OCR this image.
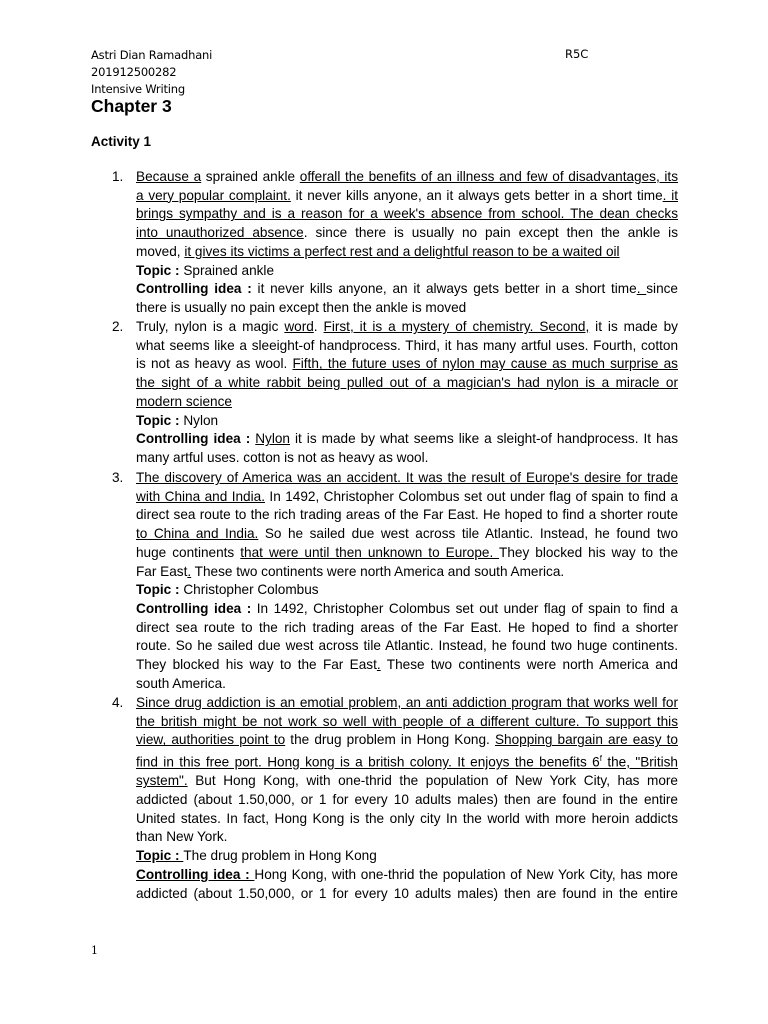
Astri Dian Ramadhani
201912500282
Intensive Writing
R5C
Chapter 3
Activity 1
1. Because a sprained ankle offerall the benefits of an illness and few of disadvantages, its
a very popular complaint. it never kills anyone, an it always gets better in a short time. it
brings sympathy and is a reason for a week's absence from school. The dean checks
into unauthorized absence. since there is usually no pain except then the ankle is
moved, it gives its victims a perfect rest and a delightful reason to be a waited oil
Topic : Sprained ankle
Controlling idea : it never kills anyone, an it always gets better in a short time. since
there is usually no pain except then the ankle is moved
2. Truly, nylon is a magic word. First, it is a mystery of chemistry. Second, it is made by
what seems like a sleeight-of handprocess. Third, it has many artful uses. Fourth, cotton
is not as heavy as wool. Fifth, the future uses of nylon may cause as much surprise as
the sight of a white rabbit being pulled out of a magician's had nylon is a miracle or
modern science
Topic : Nylon
Controlling idea : Nylon it is made by what seems like a sleight-of handprocess. It has
many artful uses. cotton is not as heavy as wool.
3. The discovery of America was an accident. It was the result of Europe's desire for trade
with China and India. In 1492, Christopher Colombus set out under flag of spain to find a
direct sea route to the rich trading areas of the Far East. He hoped to find a shorter route
to China and India. So he sailed due west across tile Atlantic. Instead, he found two
huge continents that were until then unknown to Europe. They blocked his way to the
Far East. These two continents were north America and south America.
Topic : Christopher Colombus
Controlling idea : In 1492, Christopher Colombus set out under flag of spain to find a
direct sea route to the rich trading areas of the Far East. He hoped to find a shorter
route. So he sailed due west across tile Atlantic. Instead, he found two huge continents.
They blocked his way to the Far East. These two continents were north America and
south America.
4. Since drug addiction is an emotial problem, an anti addiction program that works well for
the british might be not work so well with people of a different culture. To support this
view, authorities point to the drug problem in Hong Kong. Shopping bargain are easy to
find in this free port. Hong kong is a british colony. It enjoys the benefits 6$^f$ the, "British
system". But Hong Kong, with one-thrid the population of New York City, has more
addicted (about 1.50,000, or 1 for every 10 adults males) then are found in the entire
United states. In fact, Hong Kong is the only city In the world with more heroin addicts
than New York.
Topic : The drug problem in Hong Kong
Controlling idea : Hong Kong, with one-thrid the population of New York City, has more
addicted (about 1.50,000, or 1 for every 10 adults males) then are found in the entire
1
